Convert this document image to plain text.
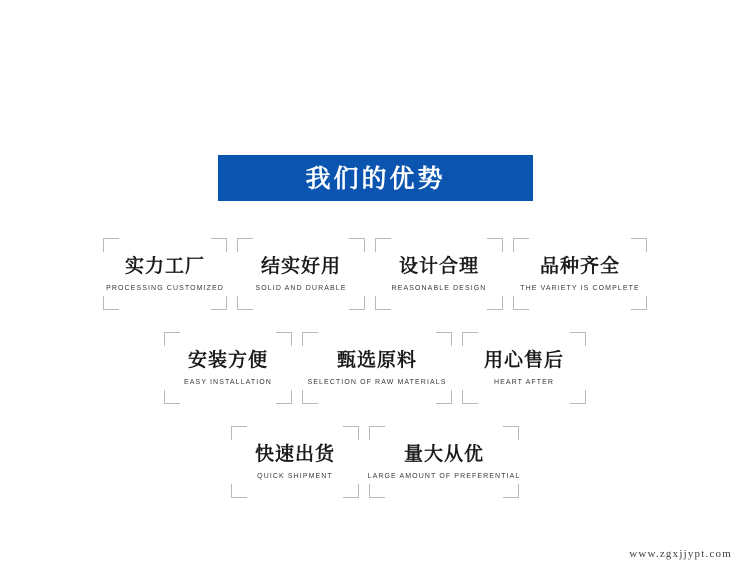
我们的优势
实力工厂
PROCESSING CUSTOMIZED
结实好用
SOLID AND DURABLE
设计合理
REASONABLE DESIGN
品种齐全
THE VARIETY IS COMPLETE
安装方便
EASY INSTALLATION
甄选原料
SELECTION OF RAW MATERIALS
用心售后
HEART AFTER
快速出货
QUICK SHIPMENT
量大从优
LARGE AMOUNT OF PREFERENTIAL
www.zgxjjypt.com
